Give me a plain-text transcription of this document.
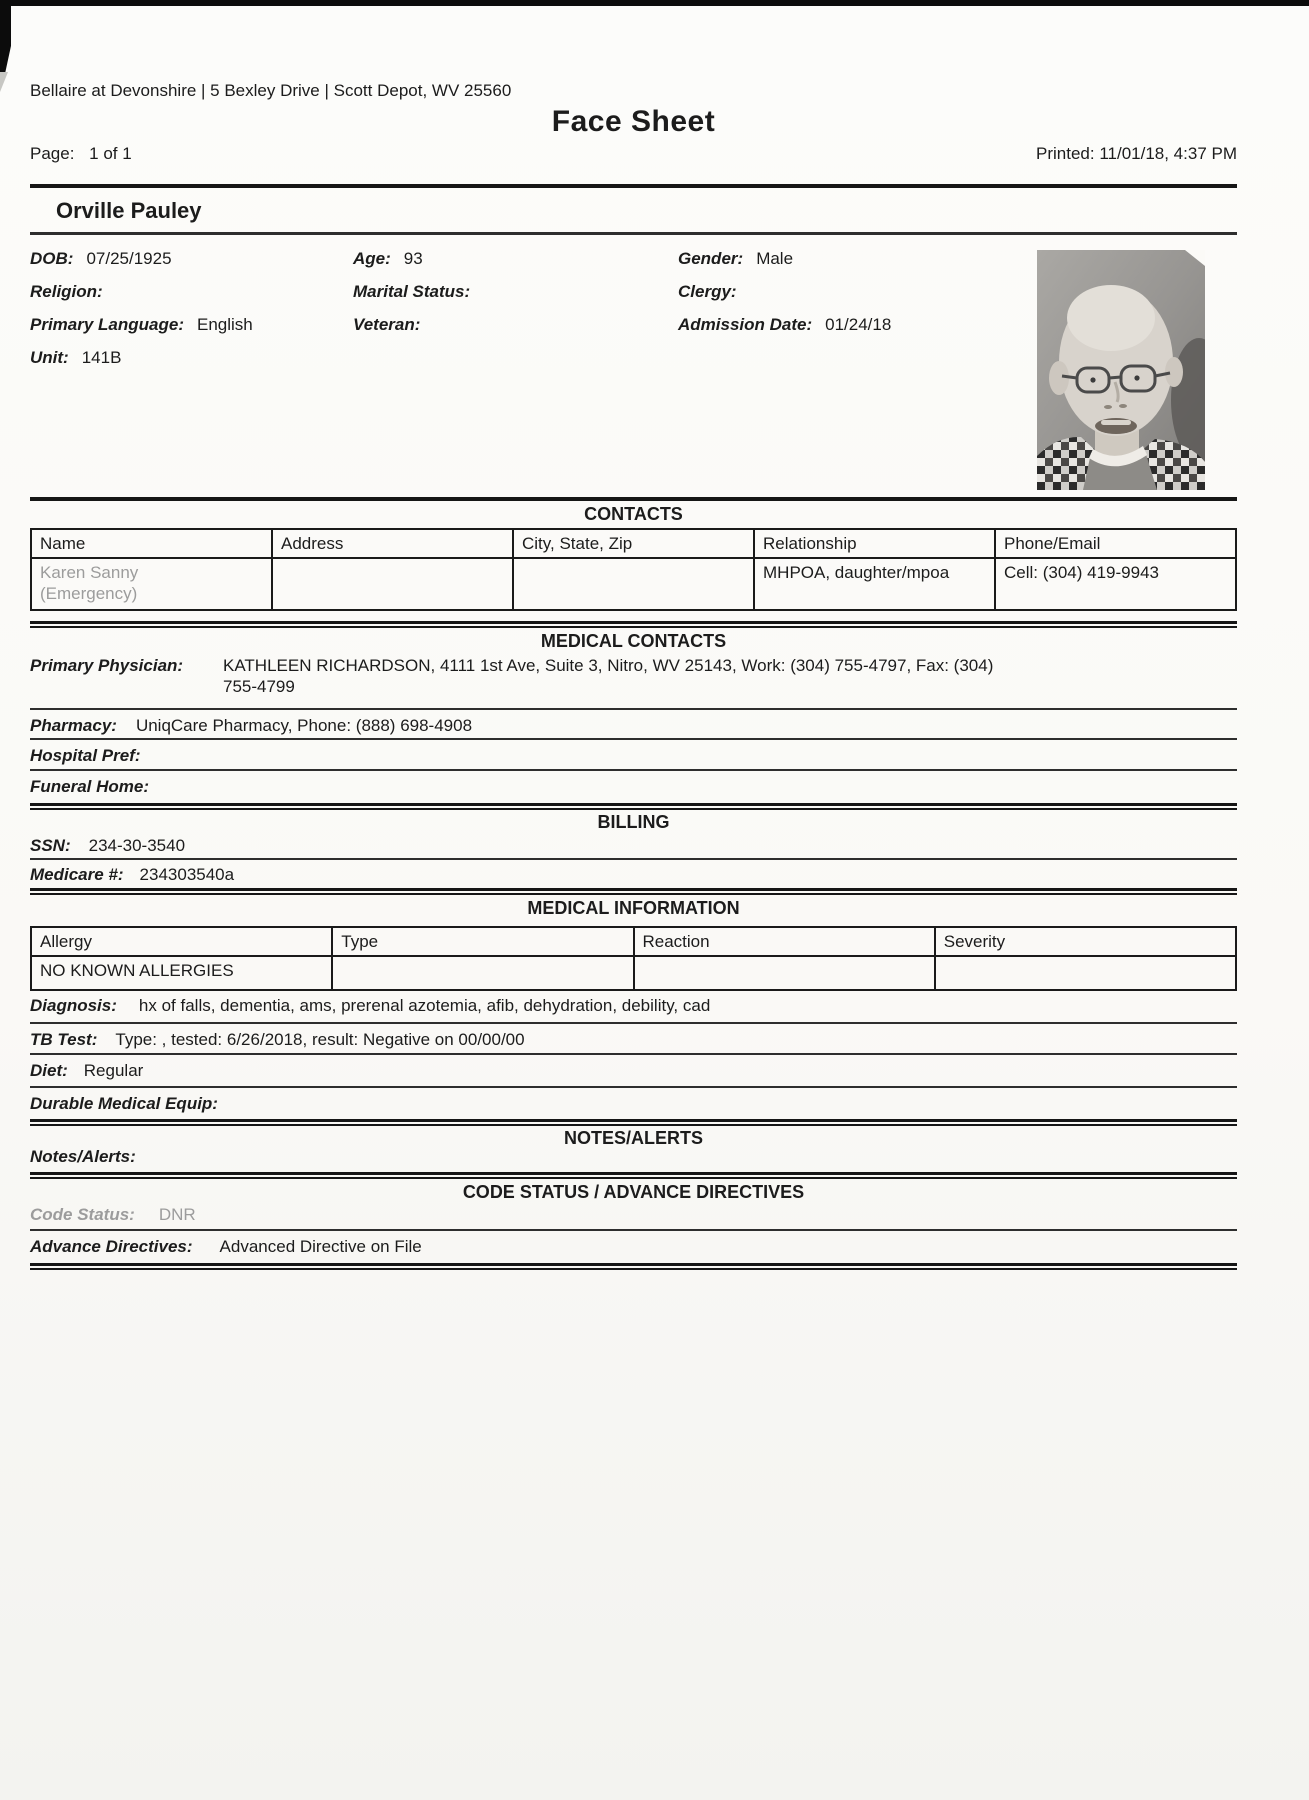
Bellaire at Devonshire | 5 Bexley Drive | Scott Depot, WV 25560
Face Sheet
Page: 1 of 1	Printed: 11/01/18, 4:37 PM
Orville Pauley
DOB: 07/25/1925
Religion:
Primary Language: English
Unit: 141B
Age: 93
Marital Status:
Veteran:
Gender: Male
Clergy:
Admission Date: 01/24/18
CONTACTS
Name	Address	City, State, Zip	Relationship	Phone/Email

Karen Sanny
(Emergency)			MHPOA, daughter/mpoa	Cell: (304) 419-9943
MEDICAL CONTACTS
Primary Physician:	KATHLEEN RICHARDSON, 4111 1st Ave, Suite 3, Nitro, WV 25143, Work: (304) 755-4797, Fax: (304) 755-4799
Pharmacy: UniqCare Pharmacy, Phone: (888) 698-4908
Hospital Pref:
Funeral Home:
BILLING
SSN: 234-30-3540
Medicare #: 234303540a
MEDICAL INFORMATION
Allergy	Type	Reaction	Severity
NO KNOWN ALLERGIES			
Diagnosis: hx of falls, dementia, ams, prerenal azotemia, afib, dehydration, debility, cad
TB Test: Type: , tested: 6/26/2018, result: Negative on 00/00/00
Diet: Regular
Durable Medical Equip:
NOTES/ALERTS
Notes/Alerts:
CODE STATUS / ADVANCE DIRECTIVES
Code Status: DNR
Advance Directives: Advanced Directive on File
